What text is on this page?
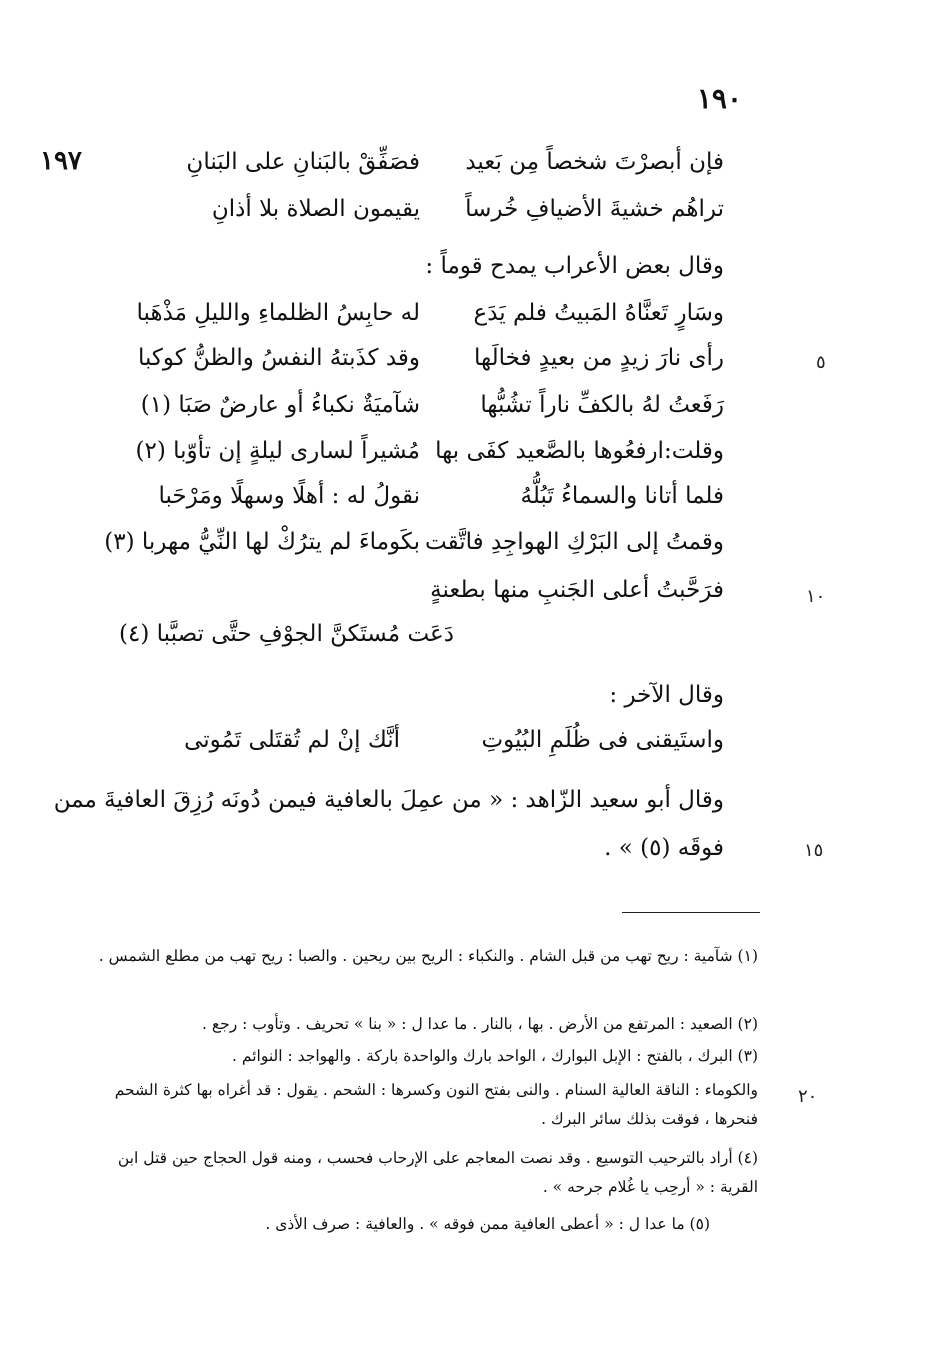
١٩٠
١٩٧
٥
١٠
١٥
٢٠
فإن أبصرْتَ شخصاً مِن بَعيد
فصَفِّقْ بالبَنانِ على البَنانِ
تراهُم خشيةَ الأضيافِ خُرساً
يقيمون الصلاة بلا أذانِ
وقال بعض الأعراب يمدح قوماً :
وسَارٍ تَعنَّاهُ المَبيتُ فلم يَدَع
له حابِسُ الظلماءِ والليلِ مَذْهَبا
رأى نارَ زيدٍ من بعيدٍ فخالَها
وقد كذَبتهُ النفسُ والظنُّ كوكبا
رَفَعتُ لهُ بالكفِّ ناراً تشُبُّها
شآميَةٌ نكباءُ أو عارضٌ صَبَا (١)
وقلت:ارفعُوها بالصَّعيد كفَى بها
مُشيراً لسارى ليلةٍ إن تأوّبا (٢)
فلما أتانا والسماءُ تَبُلُّهُ
نقولُ له : أهلًا وسهلًا ومَرْحَبا
وقمتُ إلى البَرْكِ الهواجِدِ فاتَّقت
بكَوماءَ لم يترُكْ لها النِّيُّ مهربا (٣)
فرَحَّبتُ أعلى الجَنبِ منها بطعنةٍ
دَعَت مُستَكنَّ الجوْفِ حتَّى تصبَّبا (٤)
وقال الآخر :
واستَيقنى فى ظُلَمِ البُيُوتِ
أنَّك إنْ لم تُقتَلى تَمُوتى
وقال أبو سعيد الزّاهد : « من عمِلَ بالعافية فيمن دُونَه رُزِقَ العافيةَ ممن
فوقَه (٥) » .
(١) شآمية : ريح تهب من قبل الشام . والنكباء : الريح بين ريحين . والصبا : ريح تهب من مطلع الشمس .
(٢) الصعيد : المرتفع من الأرض . بها ، بالنار . ما عدا ل : « بنا » تحريف . وتأوب : رجع .
(٣) البرك ، بالفتح : الإبل البوارك ، الواحد بارك والواحدة باركة . والهواجد : النوائم .
والكوماء : الناقة العالية السنام . والنى بفتح النون وكسرها : الشحم . يقول : قد أغراه بها كثرة الشحم فنحرها ، فوقت بذلك سائر البرك .
(٤) أراد بالترحيب التوسيع . وقد نصت المعاجم على الإرحاب فحسب ، ومنه قول الحجاج حين قتل ابن القرية : « أرحِب يا غُلام جرحه » .
(٥) ما عدا ل : « أعطى العافية ممن فوقه » . والعافية : صرف الأذى .
